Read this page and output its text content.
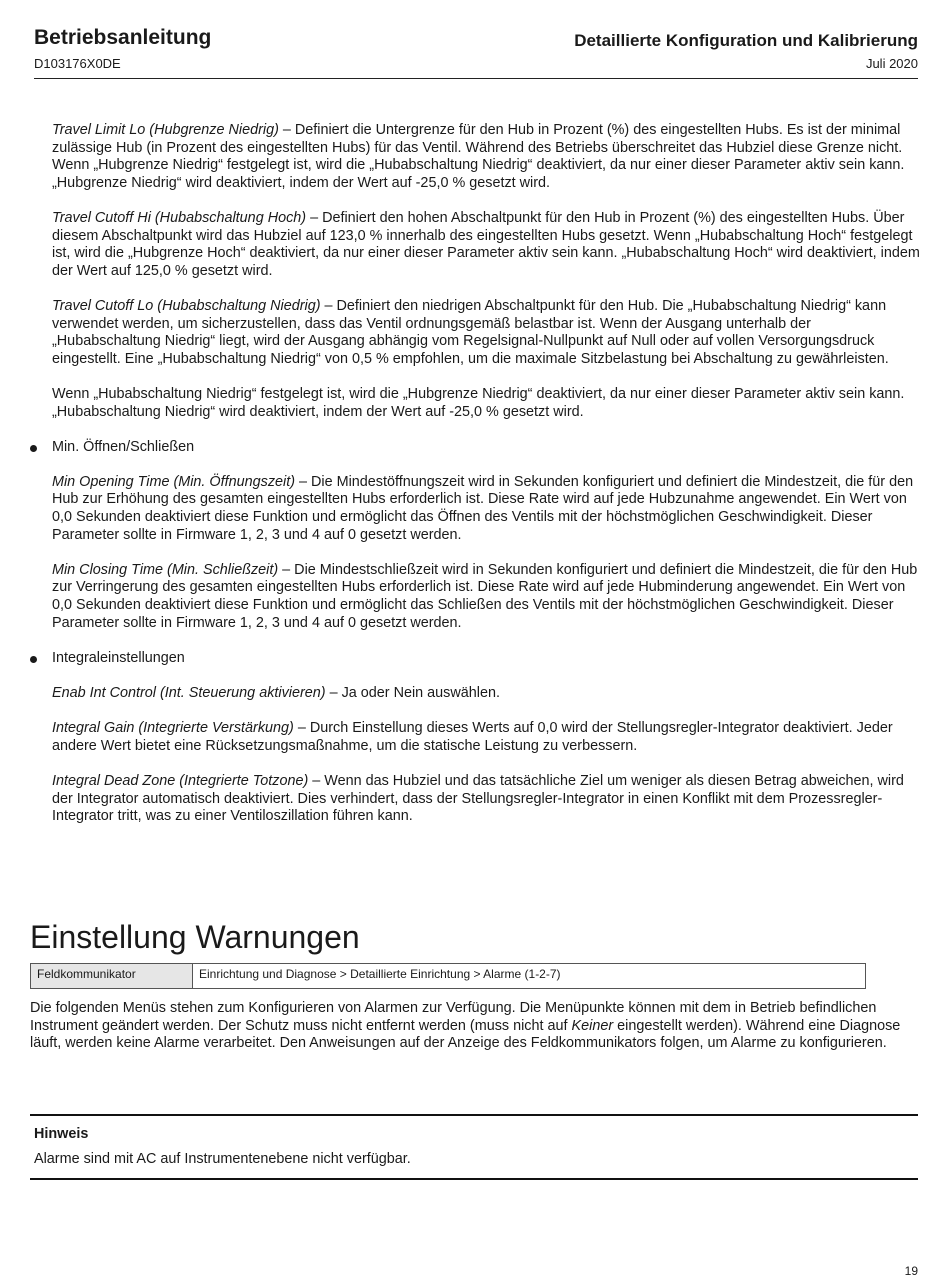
Betriebsanleitung
D103176X0DE
Detaillierte Konfiguration und Kalibrierung
Juli 2020

Travel Limit Lo (Hubgrenze Niedrig) – Definiert die Untergrenze für den Hub in Prozent (%) des eingestellten Hubs. Es ist der minimal zulässige Hub (in Prozent des eingestellten Hubs) für das Ventil. Während des Betriebs überschreitet das Hubziel diese Grenze nicht. Wenn „Hubgrenze Niedrig“ festgelegt ist, wird die „Hubabschaltung Niedrig“ deaktiviert, da nur einer dieser Parameter aktiv sein kann. „Hubgrenze Niedrig“ wird deaktiviert, indem der Wert auf -25,0 % gesetzt wird.

Travel Cutoff Hi (Hubabschaltung Hoch) – Definiert den hohen Abschaltpunkt für den Hub in Prozent (%) des eingestellten Hubs. Über diesem Abschaltpunkt wird das Hubziel auf 123,0 % innerhalb des eingestellten Hubs gesetzt. Wenn „Hubabschaltung Hoch“ festgelegt ist, wird die „Hubgrenze Hoch“ deaktiviert, da nur einer dieser Parameter aktiv sein kann. „Hubabschaltung Hoch“ wird deaktiviert, indem der Wert auf 125,0 % gesetzt wird.

Travel Cutoff Lo (Hubabschaltung Niedrig) – Definiert den niedrigen Abschaltpunkt für den Hub. Die „Hubabschaltung Niedrig“ kann verwendet werden, um sicherzustellen, dass das Ventil ordnungsgemäß belastbar ist. Wenn der Ausgang unterhalb der „Hubabschaltung Niedrig“ liegt, wird der Ausgang abhängig vom Regelsignal-Nullpunkt auf Null oder auf vollen Versorgungsdruck eingestellt. Eine „Hubabschaltung Niedrig“ von 0,5 % empfohlen, um die maximale Sitzbelastung bei Abschaltung zu gewährleisten.

Wenn „Hubabschaltung Niedrig“ festgelegt ist, wird die „Hubgrenze Niedrig“ deaktiviert, da nur einer dieser Parameter aktiv sein kann. „Hubabschaltung Niedrig“ wird deaktiviert, indem der Wert auf -25,0 % gesetzt wird.

Min. Öffnen/Schließen

Min Opening Time (Min. Öffnungszeit) – Die Mindestöffnungszeit wird in Sekunden konfiguriert und definiert die Mindestzeit, die für den Hub zur Erhöhung des gesamten eingestellten Hubs erforderlich ist. Diese Rate wird auf jede Hubzunahme angewendet. Ein Wert von 0,0 Sekunden deaktiviert diese Funktion und ermöglicht das Öffnen des Ventils mit der höchstmöglichen Geschwindigkeit. Dieser Parameter sollte in Firmware 1, 2, 3 und 4 auf 0 gesetzt werden.

Min Closing Time (Min. Schließzeit) – Die Mindestschließzeit wird in Sekunden konfiguriert und definiert die Mindestzeit, die für den Hub zur Verringerung des gesamten eingestellten Hubs erforderlich ist. Diese Rate wird auf jede Hubminderung angewendet. Ein Wert von 0,0 Sekunden deaktiviert diese Funktion und ermöglicht das Schließen des Ventils mit der höchstmöglichen Geschwindigkeit. Dieser Parameter sollte in Firmware 1, 2, 3 und 4 auf 0 gesetzt werden.

Integraleinstellungen

Enab Int Control (Int. Steuerung aktivieren) – Ja oder Nein auswählen.

Integral Gain (Integrierte Verstärkung) – Durch Einstellung dieses Werts auf 0,0 wird der Stellungsregler-Integrator deaktiviert. Jeder andere Wert bietet eine Rücksetzungsmaßnahme, um die statische Leistung zu verbessern.

Integral Dead Zone (Integrierte Totzone) – Wenn das Hubziel und das tatsächliche Ziel um weniger als diesen Betrag abweichen, wird der Integrator automatisch deaktiviert. Dies verhindert, dass der Stellungsregler-Integrator in einen Konflikt mit dem Prozessregler-Integrator tritt, was zu einer Ventiloszillation führen kann.

Einstellung Warnungen
Feldkommunikator	Einrichtung und Diagnose > Detaillierte Einrichtung > Alarme (1-2-7)

Die folgenden Menüs stehen zum Konfigurieren von Alarmen zur Verfügung. Die Menüpunkte können mit dem in Betrieb befindlichen Instrument geändert werden. Der Schutz muss nicht entfernt werden (muss nicht auf Keiner eingestellt werden). Während eine Diagnose läuft, werden keine Alarme verarbeitet. Den Anweisungen auf der Anzeige des Feldkommunikators folgen, um Alarme zu konfigurieren.

Hinweis
Alarme sind mit AC auf Instrumentenebene nicht verfügbar.
19
